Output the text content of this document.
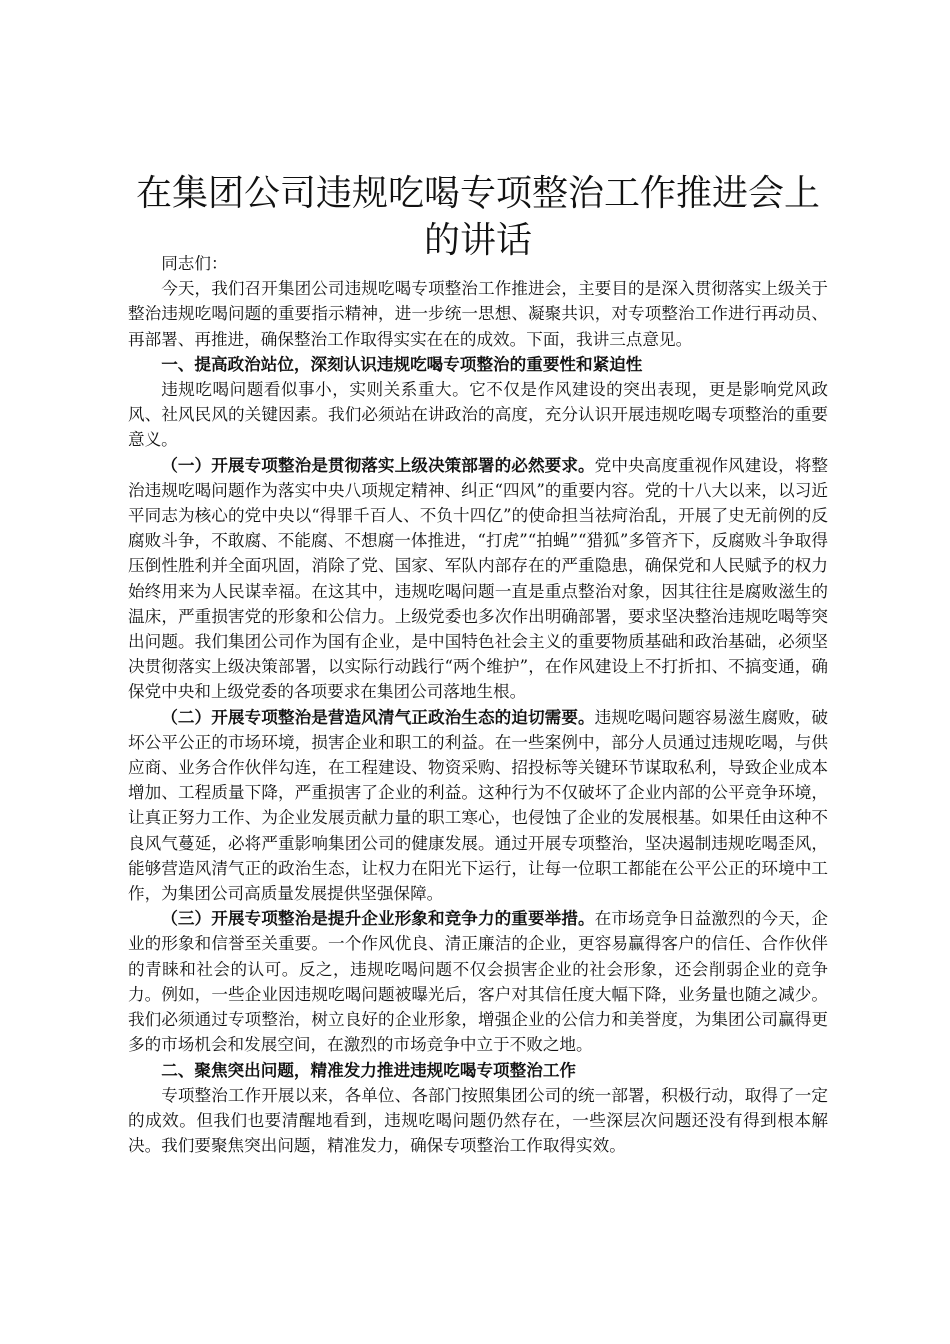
在集团公司违规吃喝专项整治工作推进会上的讲话

同志们：

今天，我们召开集团公司违规吃喝专项整治工作推进会，主要目的是深入贯彻落实上级关于整治违规吃喝问题的重要指示精神，进一步统一思想、凝聚共识，对专项整治工作进行再动员、再部署、再推进，确保整治工作取得实实在在的成效。下面，我讲三点意见。

一、提高政治站位，深刻认识违规吃喝专项整治的重要性和紧迫性

违规吃喝问题看似事小，实则关系重大。它不仅是作风建设的突出表现，更是影响党风政风、社风民风的关键因素。我们必须站在讲政治的高度，充分认识开展违规吃喝专项整治的重要意义。

（一）开展专项整治是贯彻落实上级决策部署的必然要求。党中央高度重视作风建设，将整治违规吃喝问题作为落实中央八项规定精神、纠正“四风”的重要内容。党的十八大以来，以习近平同志为核心的党中央以“得罪千百人、不负十四亿”的使命担当祛疴治乱，开展了史无前例的反腐败斗争，不敢腐、不能腐、不想腐一体推进，“打虎”“拍蝇”“猎狐”多管齐下，反腐败斗争取得压倒性胜利并全面巩固，消除了党、国家、军队内部存在的严重隐患，确保党和人民赋予的权力始终用来为人民谋幸福。在这其中，违规吃喝问题一直是重点整治对象，因其往往是腐败滋生的温床，严重损害党的形象和公信力。上级党委也多次作出明确部署，要求坚决整治违规吃喝等突出问题。我们集团公司作为国有企业，是中国特色社会主义的重要物质基础和政治基础，必须坚决贯彻落实上级决策部署，以实际行动践行“两个维护”，在作风建设上不打折扣、不搞变通，确保党中央和上级党委的各项要求在集团公司落地生根。

（二）开展专项整治是营造风清气正政治生态的迫切需要。违规吃喝问题容易滋生腐败，破坏公平公正的市场环境，损害企业和职工的利益。在一些案例中，部分人员通过违规吃喝，与供应商、业务合作伙伴勾连，在工程建设、物资采购、招投标等关键环节谋取私利，导致企业成本增加、工程质量下降，严重损害了企业的利益。这种行为不仅破坏了企业内部的公平竞争环境，让真正努力工作、为企业发展贡献力量的职工寒心，也侵蚀了企业的发展根基。如果任由这种不良风气蔓延，必将严重影响集团公司的健康发展。通过开展专项整治，坚决遏制违规吃喝歪风，能够营造风清气正的政治生态，让权力在阳光下运行，让每一位职工都能在公平公正的环境中工作，为集团公司高质量发展提供坚强保障。

（三）开展专项整治是提升企业形象和竞争力的重要举措。在市场竞争日益激烈的今天，企业的形象和信誉至关重要。一个作风优良、清正廉洁的企业，更容易赢得客户的信任、合作伙伴的青睐和社会的认可。反之，违规吃喝问题不仅会损害企业的社会形象，还会削弱企业的竞争力。例如，一些企业因违规吃喝问题被曝光后，客户对其信任度大幅下降，业务量也随之减少。我们必须通过专项整治，树立良好的企业形象，增强企业的公信力和美誉度，为集团公司赢得更多的市场机会和发展空间，在激烈的市场竞争中立于不败之地。

二、聚焦突出问题，精准发力推进违规吃喝专项整治工作

专项整治工作开展以来，各单位、各部门按照集团公司的统一部署，积极行动，取得了一定的成效。但我们也要清醒地看到，违规吃喝问题仍然存在，一些深层次问题还没有得到根本解决。我们要聚焦突出问题，精准发力，确保专项整治工作取得实效。
